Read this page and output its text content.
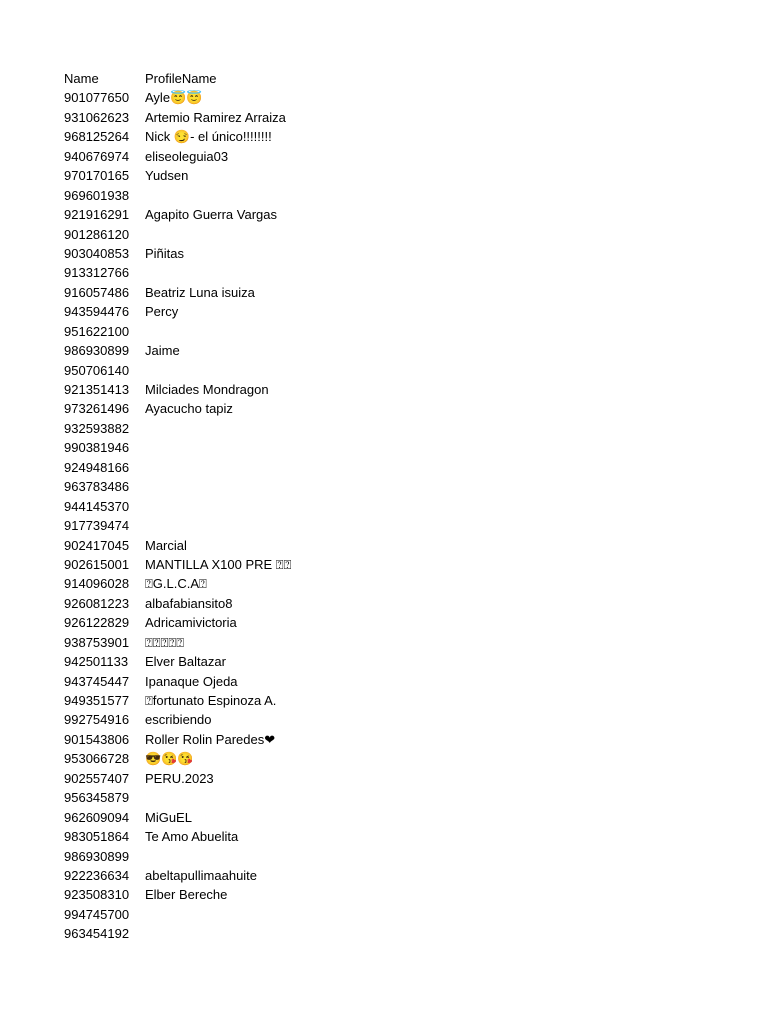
Name	ProfileName
901077650	Ayle😇😇
931062623	Artemio Ramirez Arraiza
968125264	Nick 😏- el único!!!!!!!!
940676974	eliseoleguia03
970170165	Yudsen
969601938
921916291	Agapito Guerra Vargas
901286120
903040853	Piñitas
913312766
916057486	Beatriz Luna isuiza
943594476	Percy
951622100
986930899	Jaime
950706140
921351413	Milciades Mondragon
973261496	Ayacucho tapiz
932593882
990381946
924948166
963783486
944145370
917739474
902417045	Marcial
902615001	MANTILLA X100 PRE ⍰⍰
914096028	⍰G.L.C.A⍰
926081223	albafabiansito8
926122829	Adricamivictoria
938753901	⍰⍰⍰⍰⍰
942501133	Elver Baltazar
943745447	Ipanaque Ojeda
949351577	⍰fortunato Espinoza A.
992754916	escribiendo
901543806	Roller Rolin Paredes❤
953066728	😎😘😘
902557407	PERU.2023
956345879
962609094	MiGuEL
983051864	Te Amo Abuelita
986930899
922236634	abeltapullimaahuite
923508310	Elber Bereche
994745700
963454192
